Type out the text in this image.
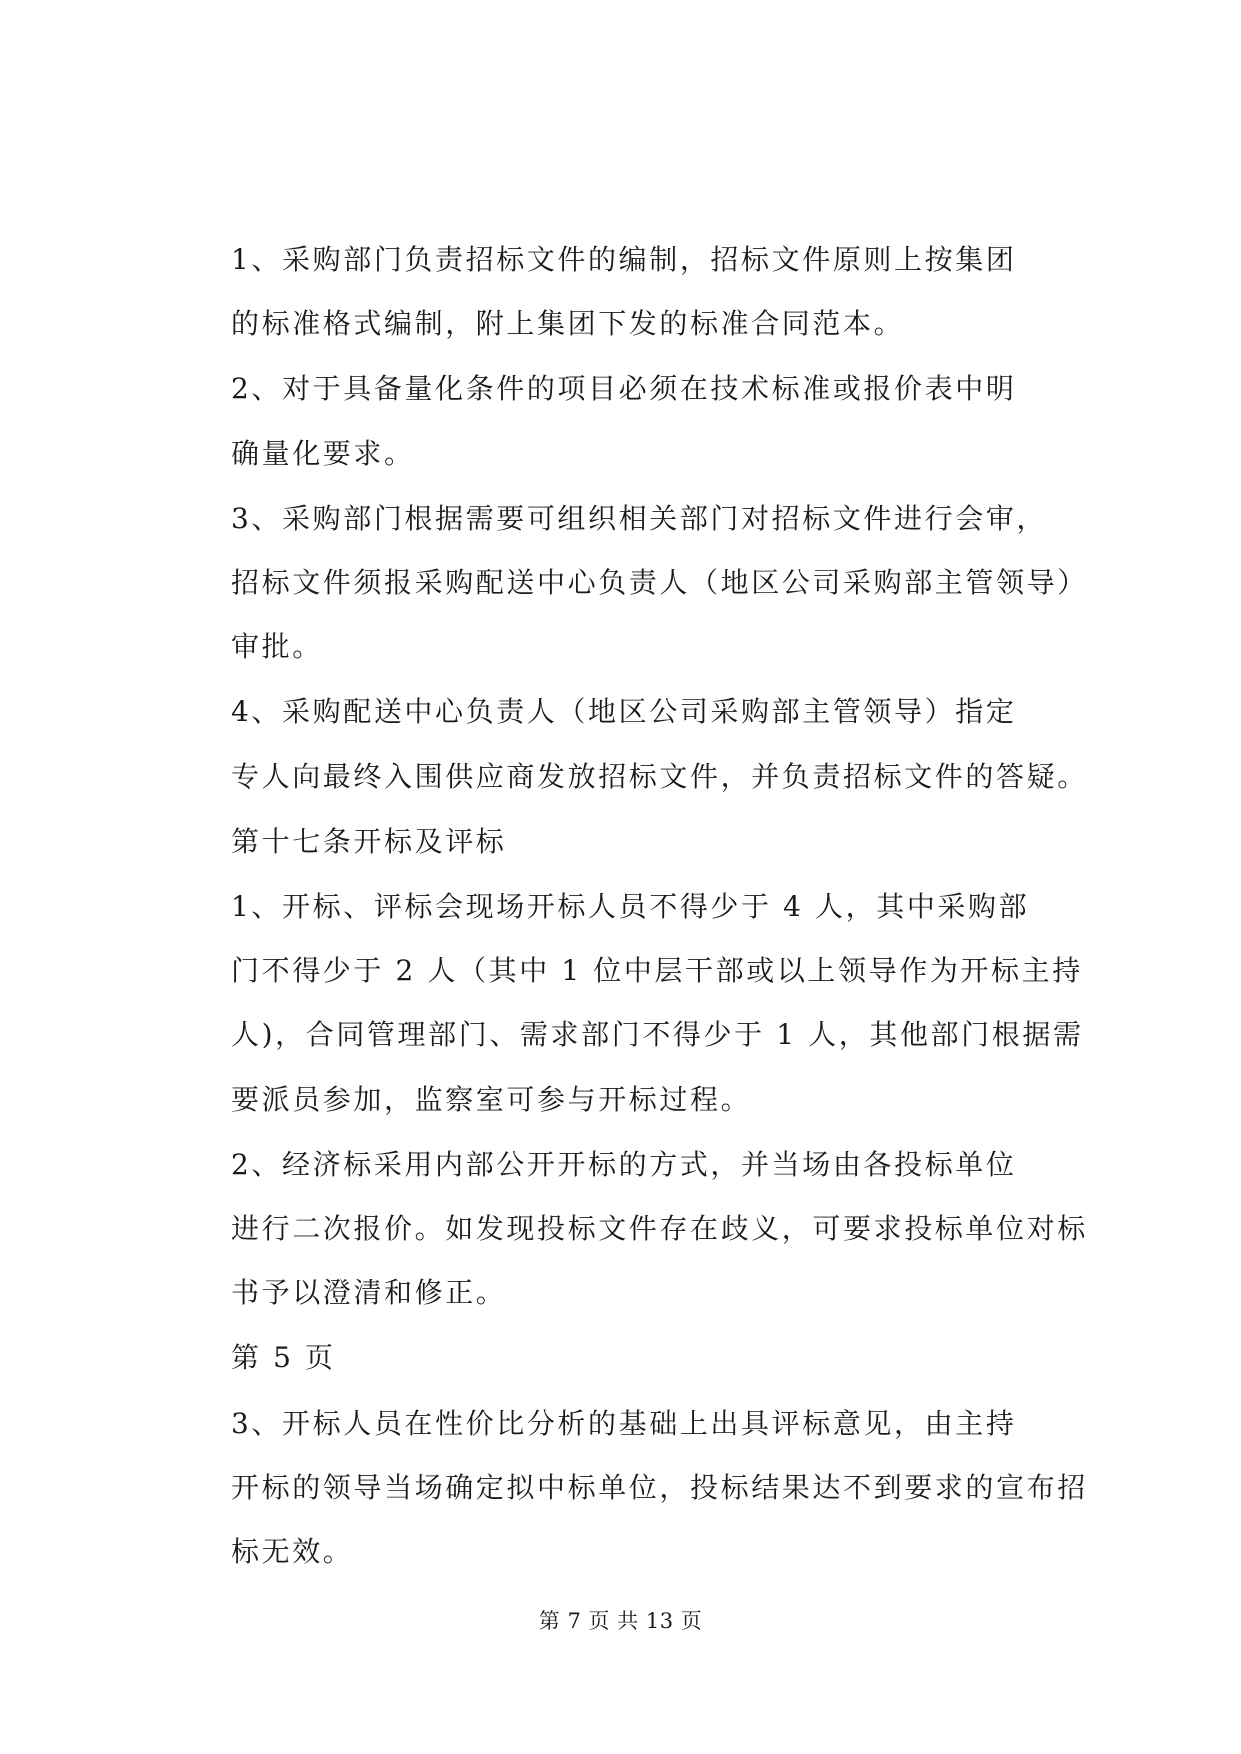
1、采购部门负责招标文件的编制，招标文件原则上按集团
的标准格式编制，附上集团下发的标准合同范本。

2、对于具备量化条件的项目必须在技术标准或报价表中明
确量化要求。

3、采购部门根据需要可组织相关部门对招标文件进行会审，
招标文件须报采购配送中心负责人（地区公司采购部主管领导）
审批。

4、采购配送中心负责人（地区公司采购部主管领导）指定
专人向最终入围供应商发放招标文件，并负责招标文件的答疑。

第十七条开标及评标

1、开标、评标会现场开标人员不得少于 4 人，其中采购部
门不得少于 2 人（其中 1 位中层干部或以上领导作为开标主持
人)，合同管理部门、需求部门不得少于 1 人，其他部门根据需
要派员参加，监察室可参与开标过程。

2、经济标采用内部公开开标的方式，并当场由各投标单位
进行二次报价。如发现投标文件存在歧义，可要求投标单位对标
书予以澄清和修正。

第 5 页

3、开标人员在性价比分析的基础上出具评标意见，由主持
开标的领导当场确定拟中标单位，投标结果达不到要求的宣布招
标无效。

第 7 页 共 13 页
